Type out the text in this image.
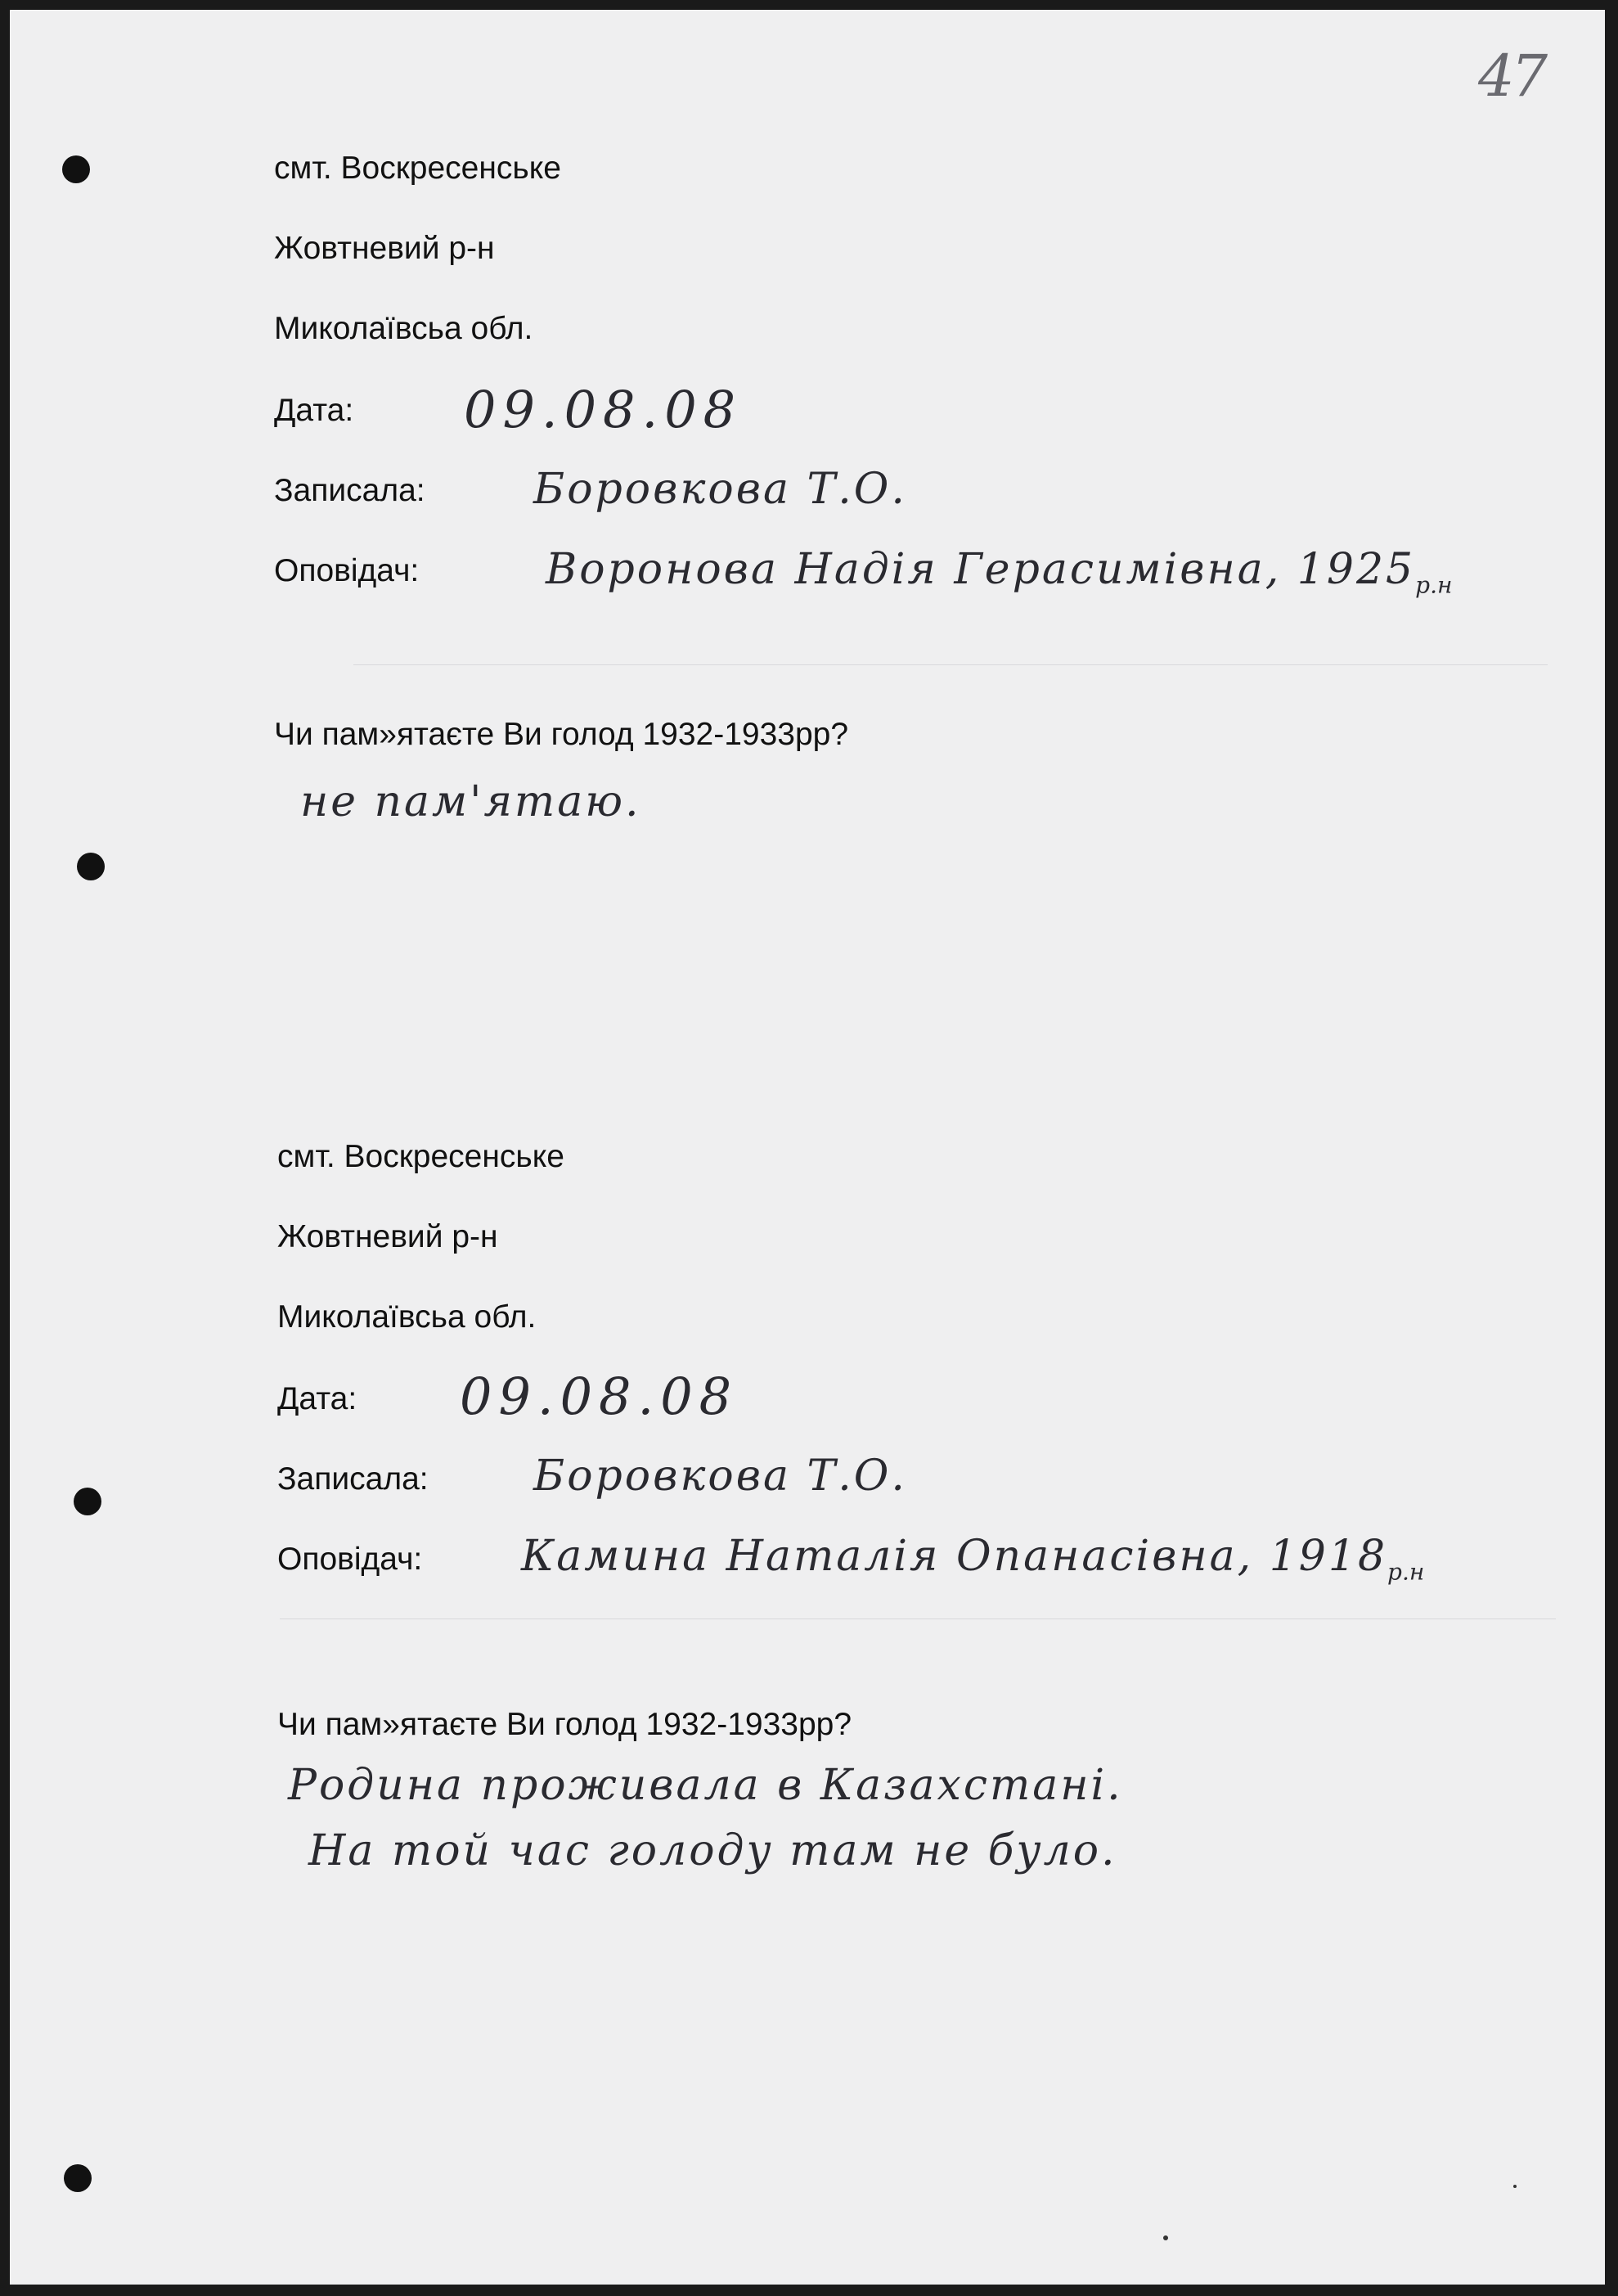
47
смт. Воскресенське
Жовтневий р-н
Миколаївсьа обл.
Дата: 09.08.08
Записала:	Боровкова Т.О.
Оповідач:	Воронова Надія Герасимівна, $1925_{р.н}$
Чи пам»ятаєте Ви голод 1932-1933рр?
не пам'ятаю.
смт. Воскресенське
Жовтневий р-н
Миколаївсьа обл.
Дата: 09.08.08
Записала: Боровкова Т.О.
Оповідач: Камина Наталія Опанасівна, $1918_{р.н}$
Чи пам»ятаєте Ви голод 1932-1933рр?
Родина проживала в Казахстані.
На той час голоду там не було.
